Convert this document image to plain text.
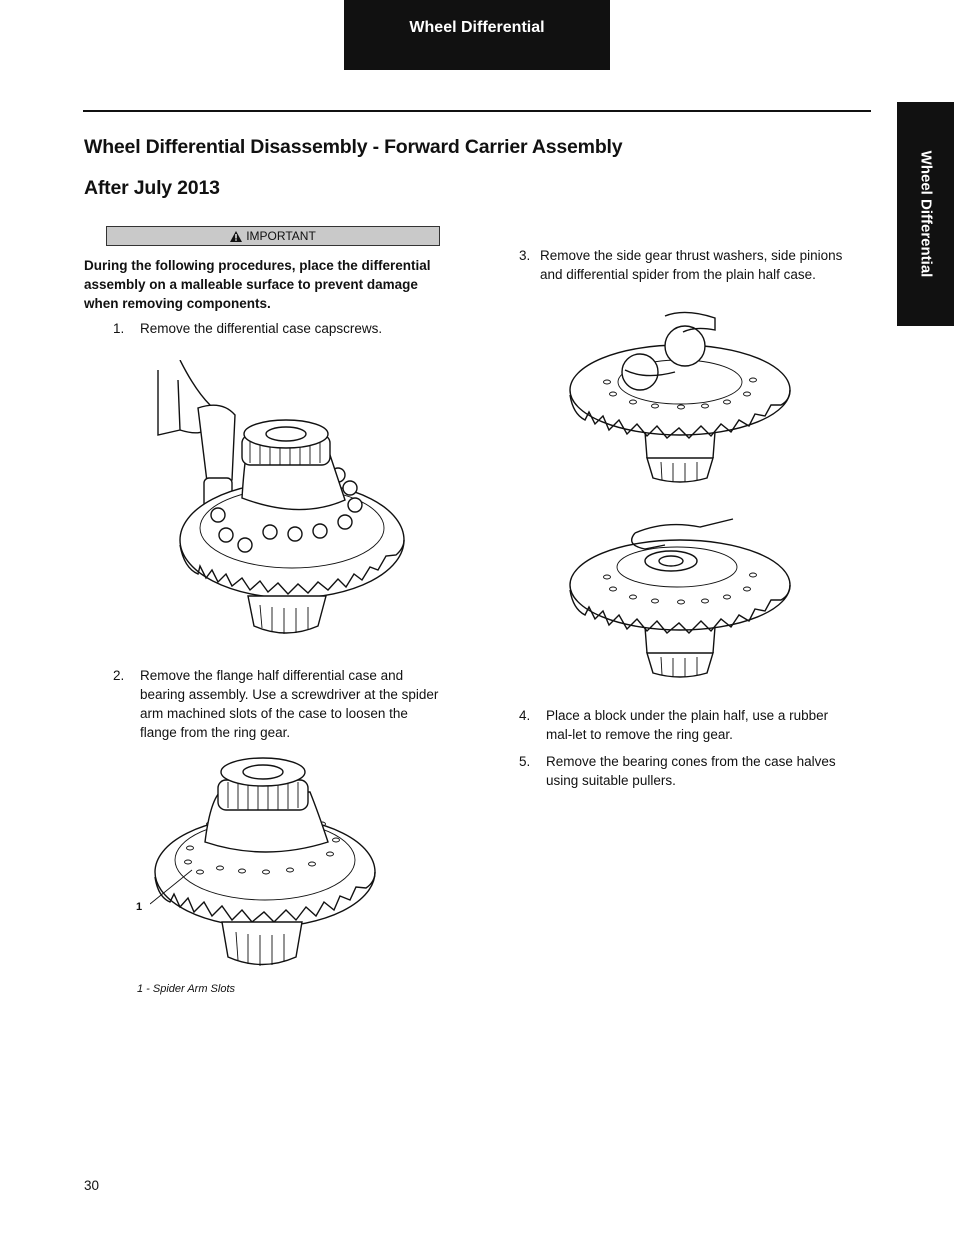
Wheel Differential
Wheel Differential
Wheel Differential Disassembly - Forward Carrier Assembly
After July 2013
IMPORTANT
During the following procedures, place the differential assembly on a malleable surface to prevent damage when removing components.
1. Remove the differential case capscrews.
2. Remove the flange half differential case and bearing assembly. Use a screwdriver at the spider arm machined slots of the case to loosen the flange from the ring gear.
1
1 - Spider Arm Slots
3. Remove the side gear thrust washers, side pinions and differential spider from the plain half case.
4. Place a block under the plain half, use a rubber mal-let to remove the ring gear.
5. Remove the bearing cones from the case halves using suitable pullers.
30
